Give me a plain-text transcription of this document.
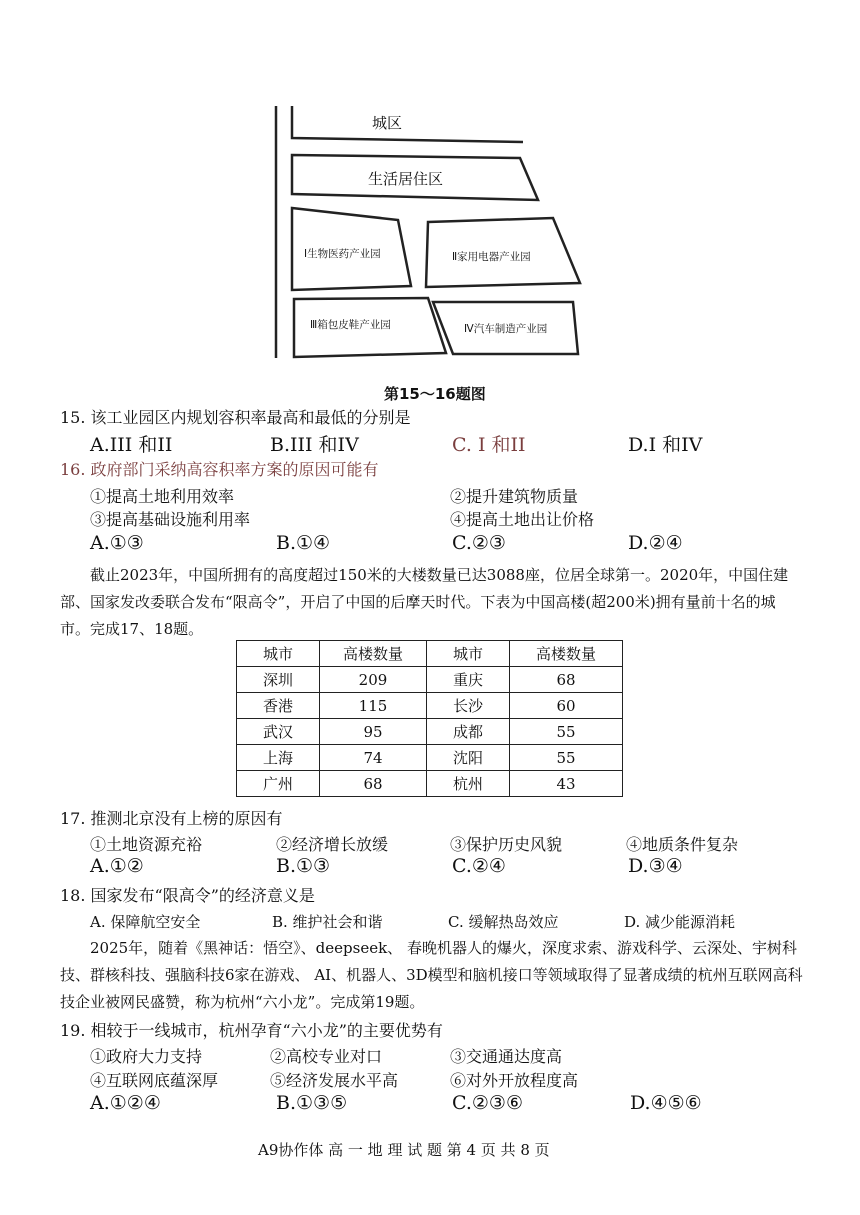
城区
生活居住区
Ⅰ生物医药产业园	Ⅱ家用电器产业园
Ⅲ箱包皮鞋产业园	Ⅳ汽车制造产业园
第15～16题图
15. 该工业园区内规划容积率最高和最低的分别是
A.III 和II	B.III 和IV	C. I 和II	D.I 和IV
16. 政府部门采纳高容积率方案的原因可能有
①提高土地利用效率	②提升建筑物质量
③提高基础设施利用率	④提高土地出让价格
A.①③	B.①④	C.②③	D.②④
截止2023年，中国所拥有的高度超过150米的大楼数量已达3088座，位居全球第一。2020年，中国住建部、国家发改委联合发布“限高令”，开启了中国的后摩天时代。下表为中国高楼(超200米)拥有量前十名的城市。完成17、18题。
城市	高楼数量	城市	高楼数量
深圳	209	重庆	68
香港	115	长沙	60
武汉	95	成都	55
上海	74	沈阳	55
广州	68	杭州	43
17. 推测北京没有上榜的原因有
①土地资源充裕	②经济增长放缓	③保护历史风貌	④地质条件复杂
A.①②	B.①③	C.②④	D.③④
18. 国家发布“限高令”的经济意义是
A. 保障航空安全	B. 维护社会和谐	C. 缓解热岛效应	D. 减少能源消耗
2025年，随着《黑神话：悟空》、deepseek、 春晚机器人的爆火，深度求索、游戏科学、云深处、宇树科技、群核科技、强脑科技6家在游戏、 AI、机器人、3D模型和脑机接口等领域取得了显著成绩的杭州互联网高科技企业被网民盛赞，称为杭州“六小龙”。完成第19题。
19. 相较于一线城市，杭州孕育“六小龙”的主要优势有
①政府大力支持	②高校专业对口	③交通通达度高
④互联网底蕴深厚	⑤经济发展水平高	⑥对外开放程度高
A.①②④	B.①③⑤	C.②③⑥	D.④⑤⑥
A9协作体 高 一 地 理 试 题 第 4 页 共 8 页
